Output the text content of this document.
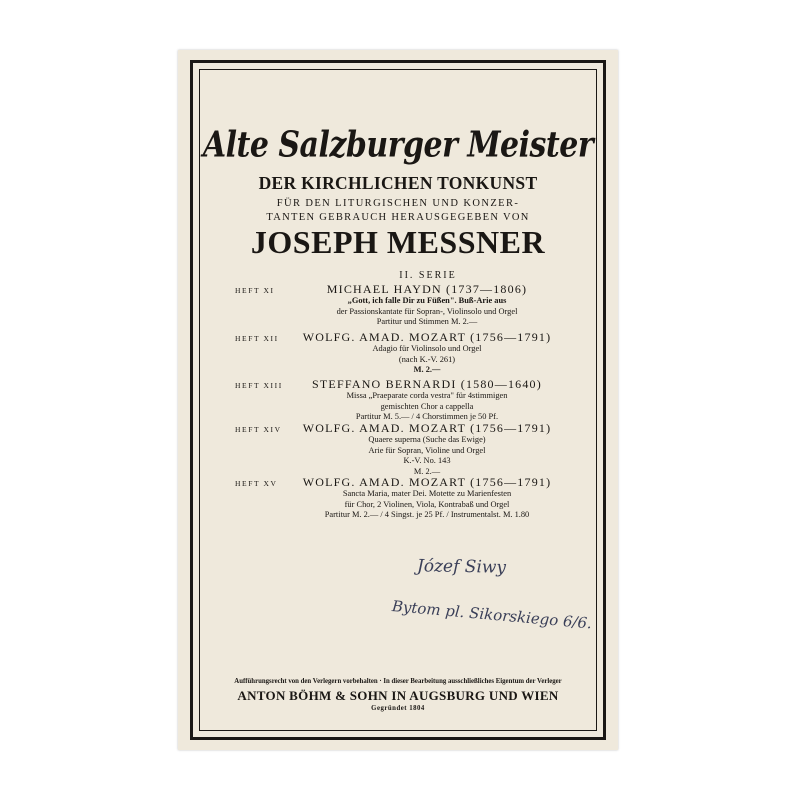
Alte Salzburger Meister
DER KIRCHLICHEN TONKUNST
FÜR DEN LITURGISCHEN UND KONZER-
TANTEN GEBRAUCH HERAUSGEGEBEN VON
JOSEPH MESSNER
II. SERIE
HEFT XI	MICHAEL HAYDN (1737—1806)
„Gott, ich falle Dir zu Füßen". Buß-Arie aus
der Passionskantate für Sopran-, Violinsolo und Orgel
Partitur und Stimmen M. 2.—
HEFT XII WOLFG. AMAD. MOZART (1756—1791)
Adagio für Violinsolo und Orgel
(nach K.-V. 261)
M. 2.—
HEFT XIII	STEFFANO BERNARDI (1580—1640)
Missa „Praeparate corda vestra" für 4stimmigen
gemischten Chor a cappella
Partitur M. 5.— / 4 Chorstimmen je 50 Pf.
HEFT XIV WOLFG. AMAD. MOZART (1756—1791)
Quaere superna (Suche das Ewige)
Arie für Sopran, Violine und Orgel
K.-V. No. 143
M. 2.—
HEFT XV WOLFG. AMAD. MOZART (1756—1791)
Sancta Maria, mater Dei. Motette zu Marienfesten
für Chor, 2 Violinen, Viola, Kontrabaß und Orgel
Partitur M. 2.— / 4 Singst. je 25 Pf. / Instrumentalst. M. 1.80
Józef Siwy
Bytom pl. Sikorskiego 6/6.
Aufführungsrecht von den Verlegern vorbehalten · In dieser Bearbeitung ausschließliches Eigentum der Verleger
ANTON BÖHM & SOHN IN AUGSBURG UND WIEN
Gegründet 1804
